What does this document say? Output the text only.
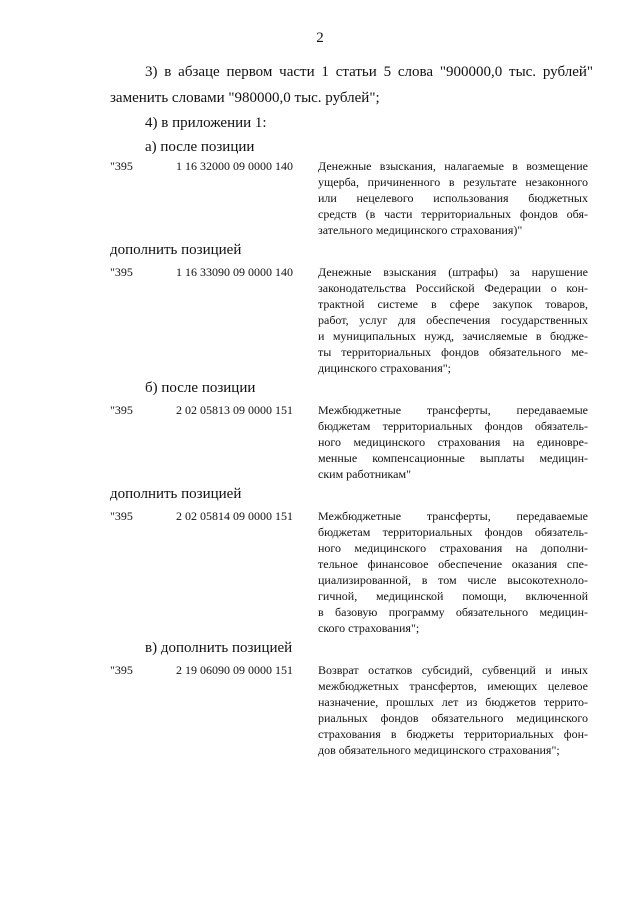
2
3) в абзаце первом части 1 статьи 5 слова "900000,0 тыс. рублей"
заменить словами "980000,0 тыс. рублей";
4) в приложении 1:
а) после позиции
"395	1 16 32000 09 0000 140 Денежные взыскания, налагаемые в возмещение
ущерба, причиненного в результате незаконного
или нецелевого использования бюджетных
средств (в части территориальных фондов обя-
зательного медицинского страхования)"
дополнить позицией
"395	1 16 33090 09 0000 140 Денежные взыскания (штрафы) за нарушение
законодательства Российской Федерации о кон-
трактной системе в сфере закупок товаров,
работ, услуг для обеспечения государственных
и муниципальных нужд, зачисляемые в бюдже-
ты территориальных фондов обязательного ме-
дицинского страхования";
б) после позиции
"395	2 02 05813 09 0000 151 Межбюджетные трансферты, передаваемые
бюджетам территориальных фондов обязатель-
ного медицинского страхования на единовре-
менные компенсационные выплаты медицин-
ским работникам"
дополнить позицией
"395	2 02 05814 09 0000 151 Межбюджетные трансферты, передаваемые
бюджетам территориальных фондов обязатель-
ного медицинского страхования на дополни-
тельное финансовое обеспечение оказания спе-
циализированной, в том числе высокотехноло-
гичной, медицинской помощи, включенной
в базовую программу обязательного медицин-
ского страхования";
в) дополнить позицией
"395	2 19 06090 09 0000 151 Возврат остатков субсидий, субвенций и иных
межбюджетных трансфертов, имеющих целевое
назначение, прошлых лет из бюджетов террито-
риальных фондов обязательного медицинского
страхования в бюджеты территориальных фон-
дов обязательного медицинского страхования";
